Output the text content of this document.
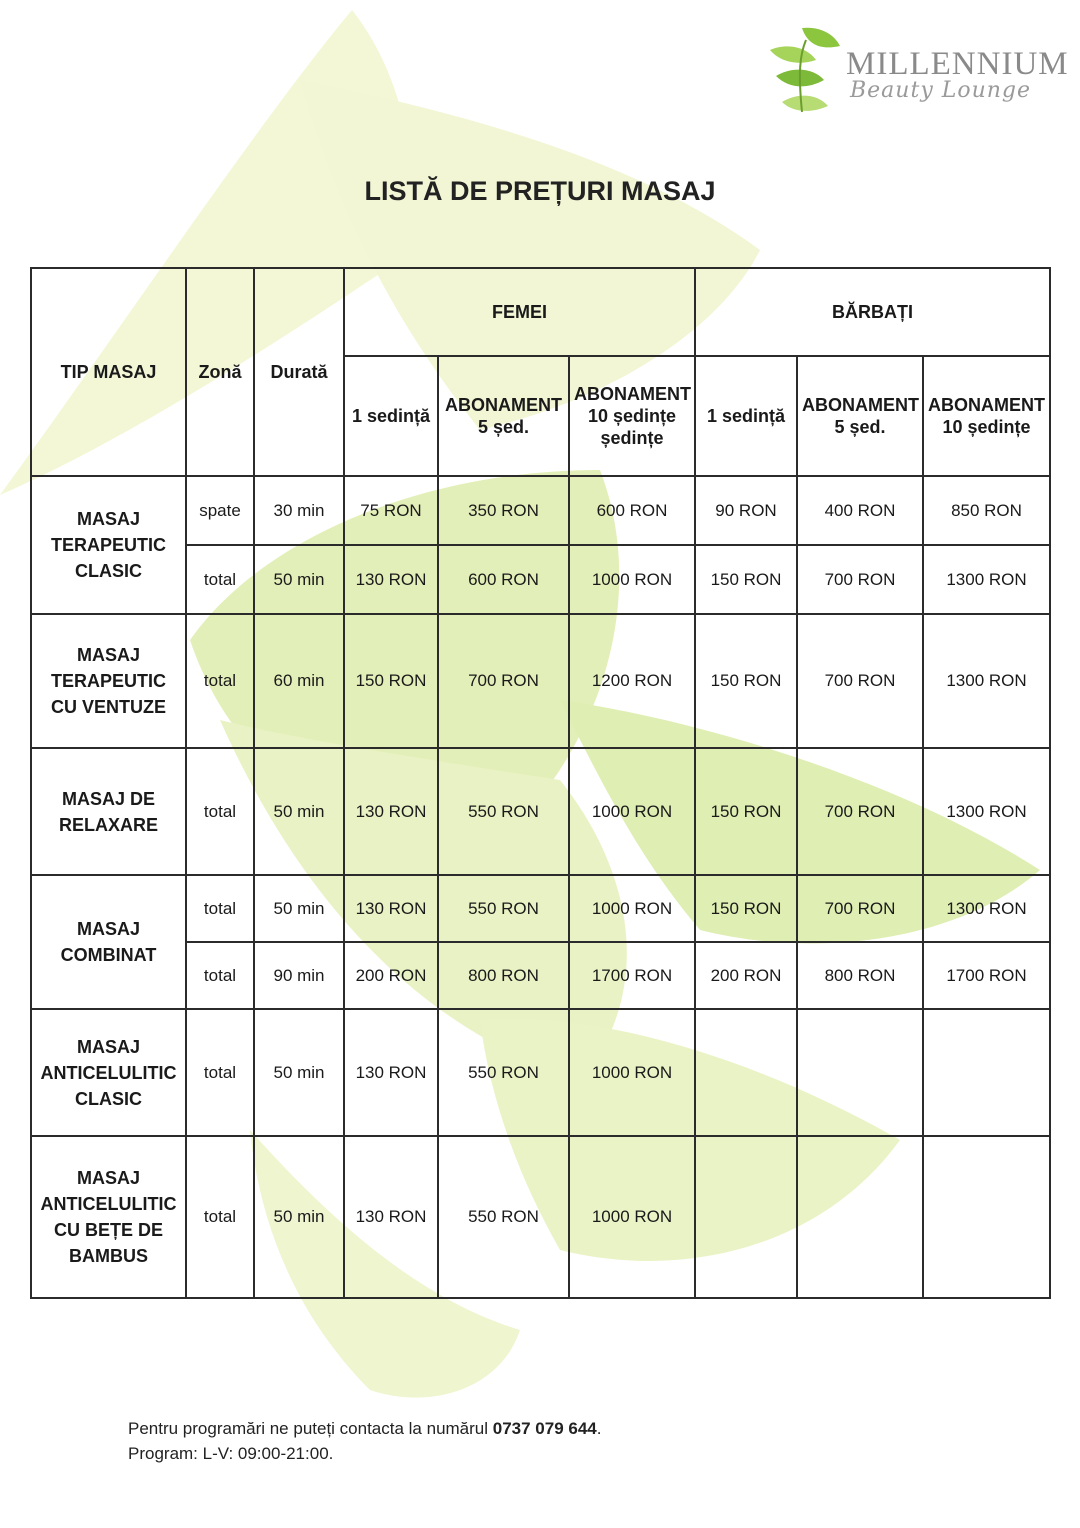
MILLENNIUM
Beauty Lounge
LISTĂ DE PREȚURI MASAJ
TIP MASAJ	Zonă	Durată	FEMEI			BĂRBAȚI		
			1 sedință	ABONAMENT 5 șed.	ABONAMENT 10 ședințe ședințe	1 sedință	ABONAMENT 5 șed.	ABONAMENT 10 ședințe
MASAJ TERAPEUTIC CLASIC	spate	30 min	75 RON	350 RON	600 RON	90 RON	400 RON	850 RON
	total	50 min	130 RON	600 RON	1000 RON	150 RON	700 RON	1300 RON
MASAJ TERAPEUTIC CU VENTUZE	total	60 min	150 RON	700 RON	1200 RON	150 RON	700 RON	1300 RON
MASAJ DE RELAXARE	total	50 min	130 RON	550 RON	1000 RON	150 RON	700 RON	1300 RON
MASAJ COMBINAT	total	50 min	130 RON	550 RON	1000 RON	150 RON	700 RON	1300 RON
	total	90 min	200 RON	800 RON	1700 RON	200 RON	800 RON	1700 RON
MASAJ ANTICELULITIC CLASIC	total	50 min	130 RON	550 RON	1000 RON			
MASAJ ANTICELULITIC CU BEȚE DE BAMBUS	total	50 min	130 RON	550 RON	1000 RON			
Pentru programări ne puteți contacta la numărul 0737 079 644.
Program: L-V: 09:00-21:00.
